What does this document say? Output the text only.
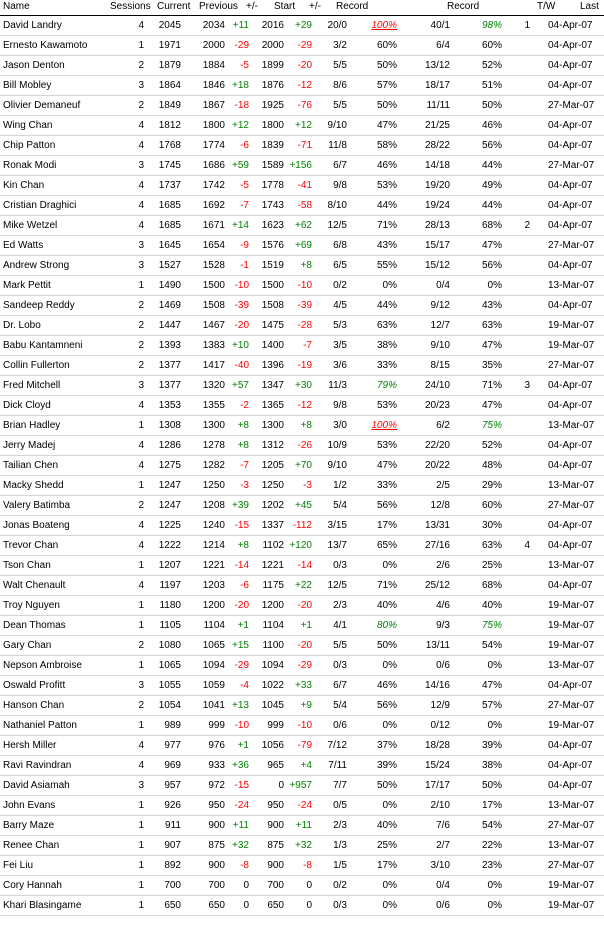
Name	Sessions Current Previous +/-	Start	+/-	Record	Record	T/W	Last
David Landry	4	2045	2034 +11	2016	+29	20/0	100%	40/1	98%	1 04-Apr-07
Ernesto Kawamoto	1	1971	2000 -29	2000	-29	3/2	60%	6/4	60%	04-Apr-07
Jason Denton	2	1879	1884	-5	1899	-20	5/5	50%	13/12	52%	04-Apr-07
Bill Mobley	3	1864	1846 +18	1876	-12	8/6	57%	18/17	51%	04-Apr-07
Olivier Demaneuf	2	1849	1867 -18	1925	-76	5/5	50%	11/11	50%	27-Mar-07
Wing Chan	4	1812	1800 +12	1800	+12	9/10	47%	21/25	46%	04-Apr-07
Chip Patton	4	1768	1774	-6	1839	-71	11/8	58%	28/22	56%	04-Apr-07
Ronak Modi	3	1745	1686 +59	1589 +156	6/7	46%	14/18	44%	27-Mar-07
Kin Chan	4	1737	1742	-5	1778	-41	9/8	53%	19/20	49%	04-Apr-07
Cristian Draghici	4	1685	1692	-7	1743	-58	8/10	44%	19/24	44%	04-Apr-07
Mike Wetzel	4	1685	1671 +14	1623	+62	12/5	71%	28/13	68%	2 04-Apr-07
Ed Watts	3	1645	1654	-9	1576	+69	6/8	43%	15/17	47%	27-Mar-07
Andrew Strong	3	1527	1528	-1	1519	+8	6/5	55%	15/12	56%	04-Apr-07
Mark Pettit	1	1490	1500 -10	1500	-10	0/2	0%	0/4	0%	13-Mar-07
Sandeep Reddy	2	1469	1508 -39	1508	-39	4/5	44%	9/12	43%	04-Apr-07
Dr. Lobo	2	1447	1467 -20	1475	-28	5/3	63%	12/7	63%	19-Mar-07
Babu Kantamneni	2	1393	1383 +10	1400	-7	3/5	38%	9/10	47%	19-Mar-07
Collin Fullerton	2	1377	1417 -40	1396	-19	3/6	33%	8/15	35%	27-Mar-07
Fred Mitchell	3	1377	1320 +57	1347	+30	11/3	79%	24/10	71%	3 04-Apr-07
Dick Cloyd	4	1353	1355	-2	1365	-12	9/8	53%	20/23	47%	04-Apr-07
Brian Hadley	1	1308	1300	+8	1300	+8	3/0	100%	6/2	75%	13-Mar-07
Jerry Madej	4	1286	1278	+8	1312	-26	10/9	53%	22/20	52%	04-Apr-07
Tailian Chen	4	1275	1282	-7	1205	+70	9/10	47%	20/22	48%	04-Apr-07
Macky Shedd	1	1247	1250	-3	1250	-3	1/2	33%	2/5	29%	13-Mar-07
Valery Batimba	2	1247	1208 +39	1202	+45	5/4	56%	12/8	60%	27-Mar-07
Jonas Boateng	4	1225	1240 -15	1337 -112	3/15	17%	13/31	30%	04-Apr-07
Trevor Chan	4	1222	1214	+8	1102 +120	13/7	65%	27/16	63%	4 04-Apr-07
Tson Chan	1	1207	1221 -14	1221	-14	0/3	0%	2/6	25%	13-Mar-07
Walt Chenault	4	1197	1203	-6	1175	+22	12/5	71%	25/12	68%	04-Apr-07
Troy Nguyen	1	1180	1200 -20	1200	-20	2/3	40%	4/6	40%	19-Mar-07
Dean Thomas	1	1105	1104	+1	1104	+1	4/1	80%	9/3	75%	19-Mar-07
Gary Chan	2	1080	1065 +15	1100	-20	5/5	50%	13/11	54%	19-Mar-07
Nepson Ambroise	1	1065	1094 -29	1094	-29	0/3	0%	0/6	0%	13-Mar-07
Oswald Profitt	3	1055	1059	-4	1022	+33	6/7	46%	14/16	47%	04-Apr-07
Hanson Chan	2	1054	1041 +13	1045	+9	5/4	56%	12/9	57%	27-Mar-07
Nathaniel Patton	1	989	999 -10	999	-10	0/6	0%	0/12	0%	19-Mar-07
Hersh Miller	4	977	976	+1	1056	-79	7/12	37%	18/28	39%	04-Apr-07
Ravi Ravindran	4	969	933 +36	965	+4	7/11	39%	15/24	38%	04-Apr-07
David Asiamah	3	957	972 -15	0 +957	7/7	50%	17/17	50%	04-Apr-07
John Evans	1	926	950 -24	950	-24	0/5	0%	2/10	17%	13-Mar-07
Barry Maze	1	911	900 +11	900	+11	2/3	40%	7/6	54%	27-Mar-07
Renee Chan	1	907	875 +32	875	+32	1/3	25%	2/7	22%	13-Mar-07
Fei Liu	1	892	900	-8	900	-8	1/5	17%	3/10	23%	27-Mar-07
Cory Hannah	1	700	700	0	700	0	0/2	0%	0/4	0%	19-Mar-07
Khari Blasingame	1	650	650	0	650	0	0/3	0%	0/6	0%	19-Mar-07
